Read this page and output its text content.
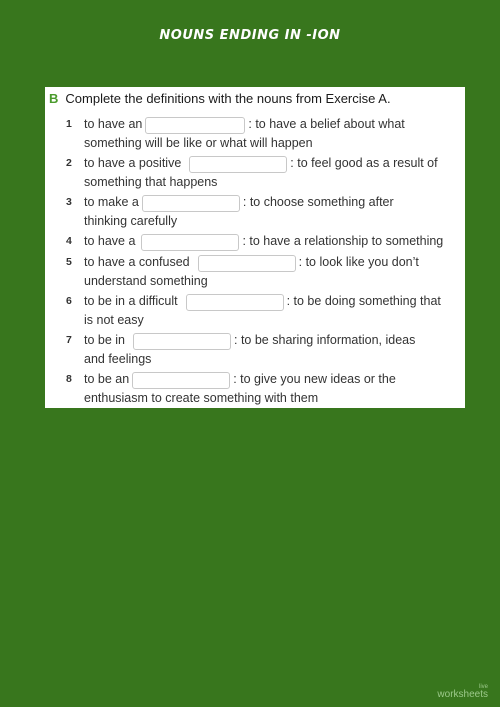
NOUNS ENDING IN -ION
B Complete the definitions with the nouns from Exercise A.
1 to have an	: to have a belief about what
something will be like or what will happen
2 to have a positive	: to feel good as a result of
something that happens
3 to make a	: to choose something after
thinking carefully
4 to have a	: to have a relationship to something
5 to have a confused	: to look like you don’t
understand something
6 to be in a difficult	: to be doing something that
is not easy
7 to be in	: to be sharing information, ideas
and feelings
8 to be an	: to give you new ideas or the
enthusiasm to create something with them
live
worksheets
